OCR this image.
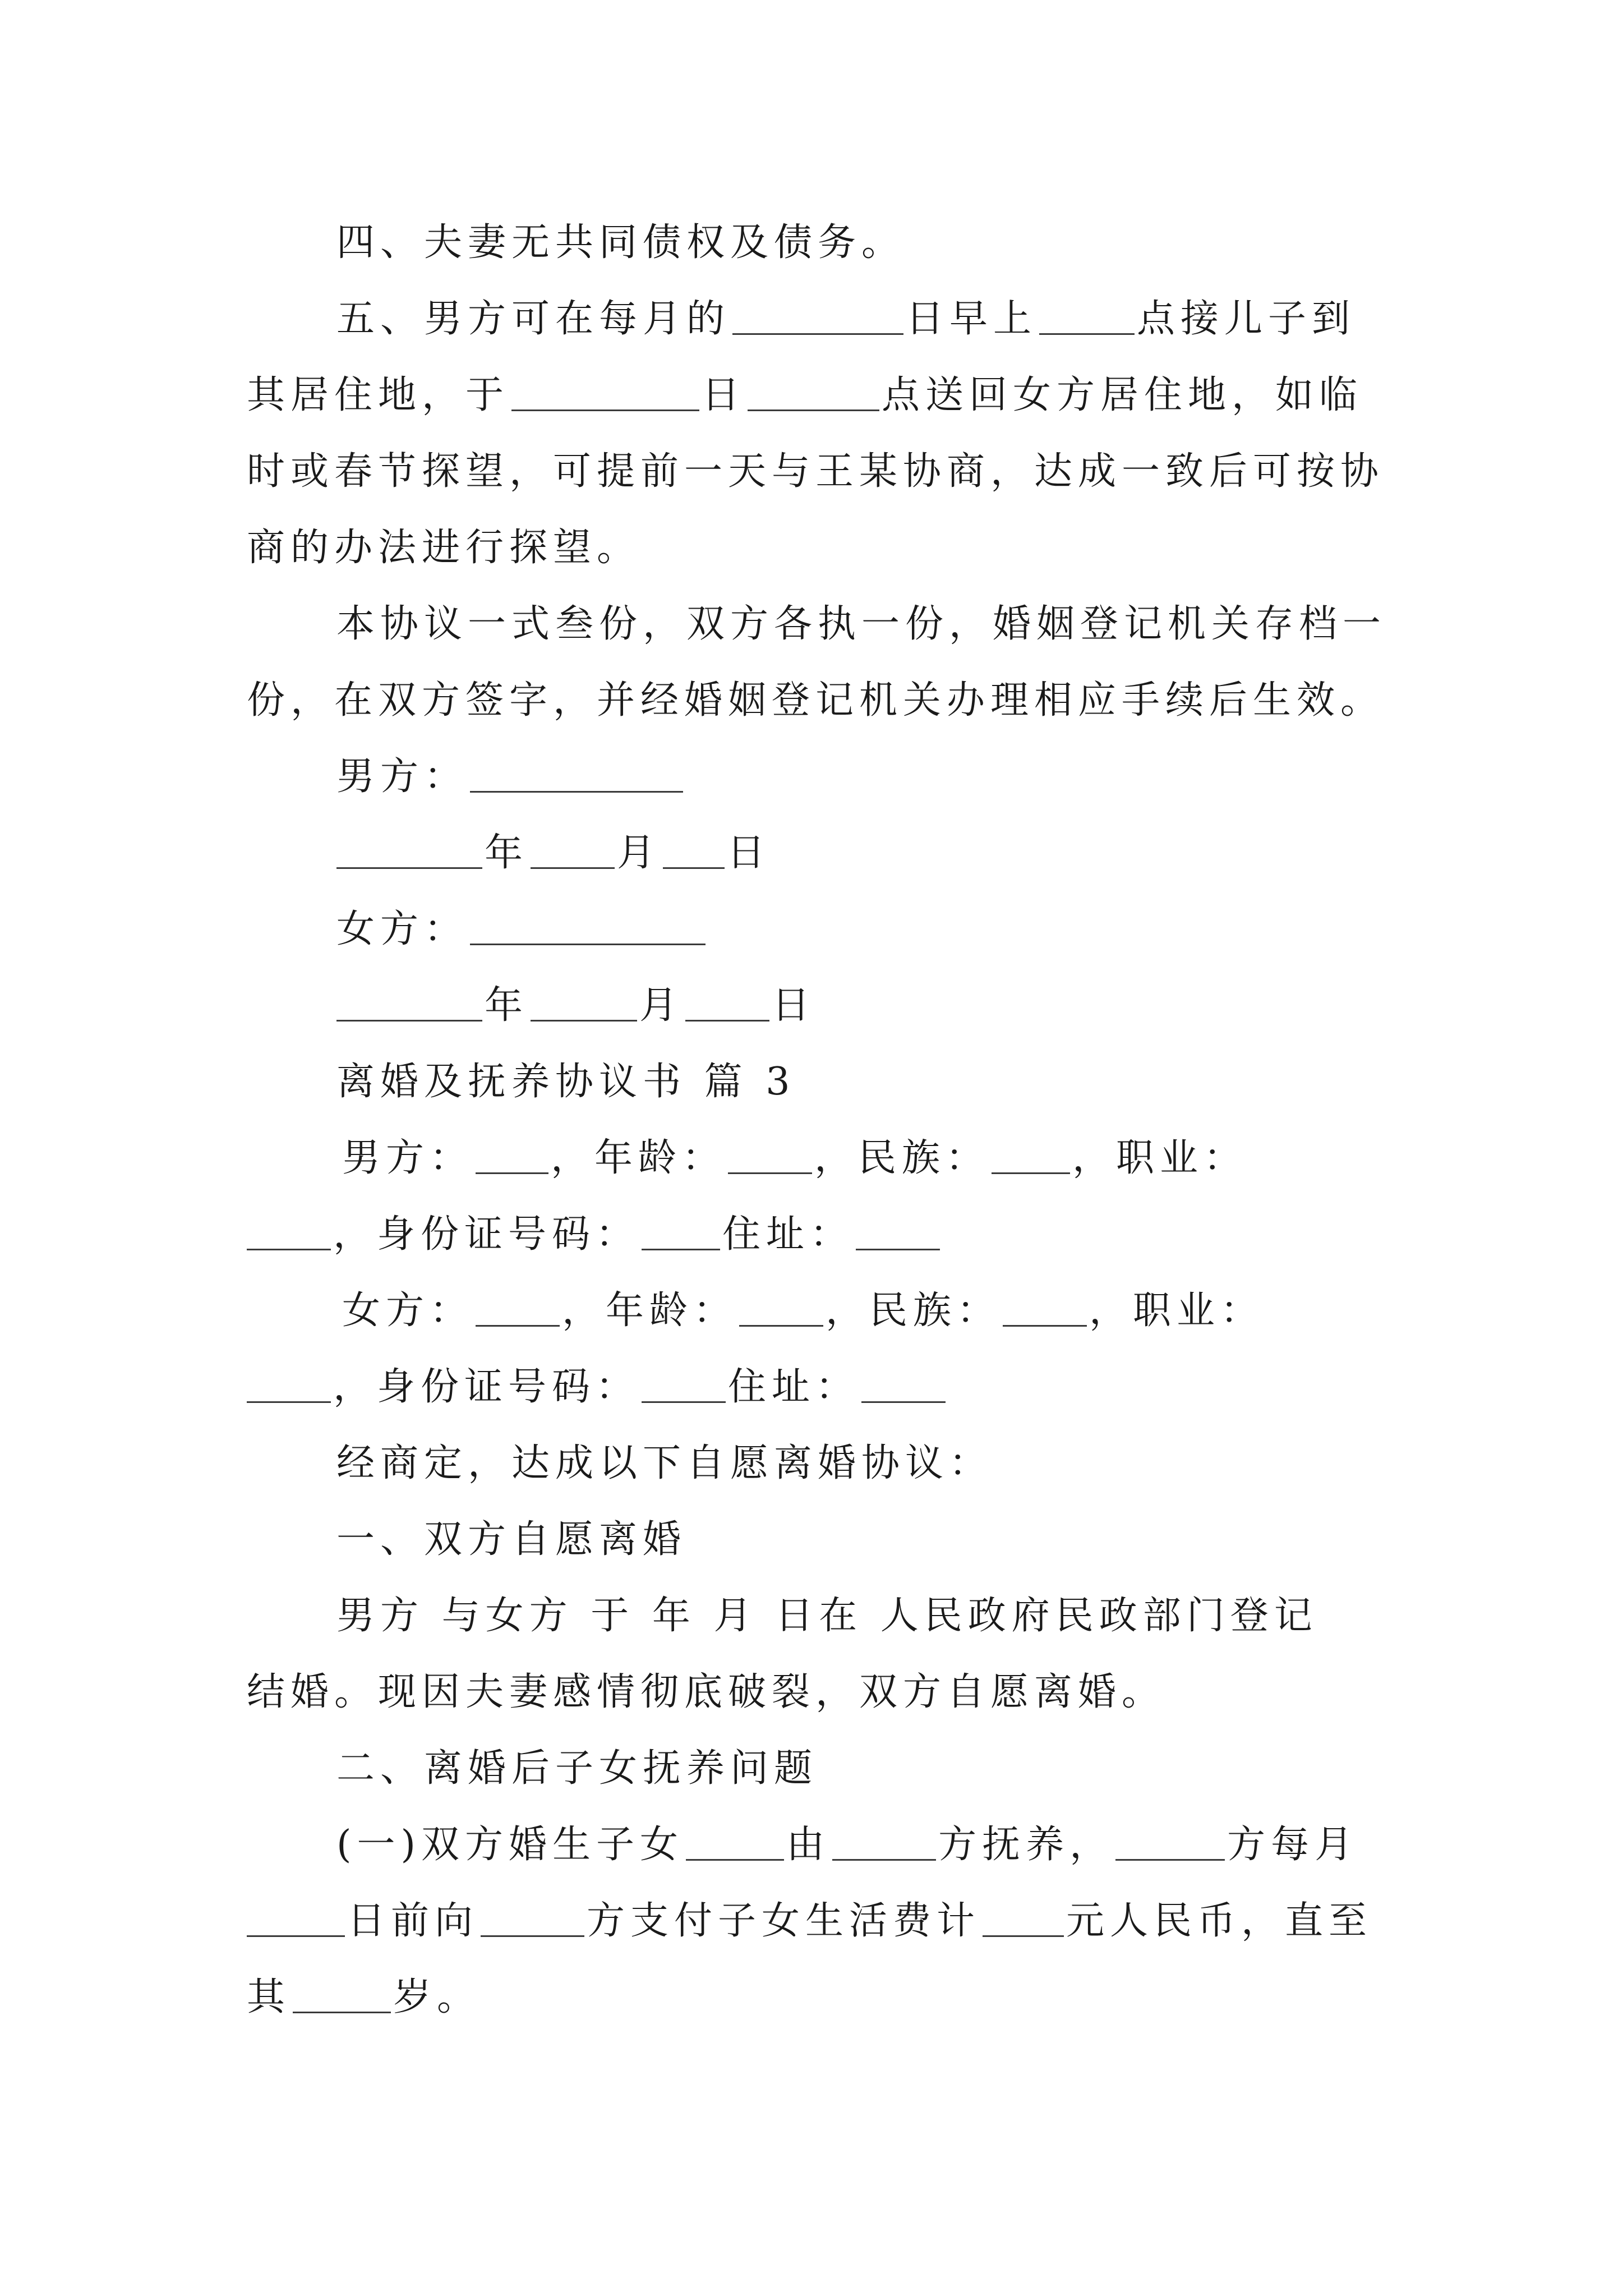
四、夫妻无共同债权及债务。
五、男方可在每月的	日早上	点接儿子到
其居住地，于	日	点送回女方居住地，如临
时或春节探望，可提前一天与王某协商，达成一致后可按协
商的办法进行探望。
本协议一式叁份，双方各执一份，婚姻登记机关存档一
份，在双方签字，并经婚姻登记机关办理相应手续后生效。
男方：
年 月 日
女方：
年	月 日
离婚及抚养协议书 篇 3
男方： ，年龄： ，民族： ，职业：
，身份证号码： 住址：
女方： ，年龄： ，民族： ，职业：
，身份证号码： 住址：
经商定，达成以下自愿离婚协议：
一、双方自愿离婚
男方 与女方 于 年 月 日在 人民政府民政部门登记
结婚。现因夫妻感情彻底破裂，双方自愿离婚。
二、离婚后子女抚养问题
(一)双方婚生子女	由	方抚养，	方每月
日前向	方支付子女生活费计 元人民币，直至
其	岁。
